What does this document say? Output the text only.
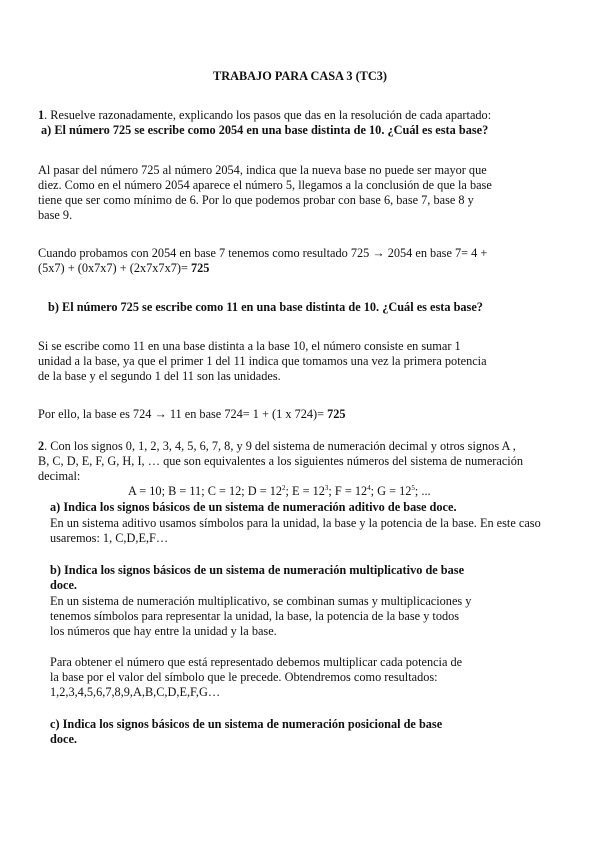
TRABAJO PARA CASA 3 (TC3)
1. Resuelve razonadamente, explicando los pasos que das en la resolución de cada apartado:
a) El número 725 se escribe como 2054 en una base distinta de 10. ¿Cuál es esta base?
Al pasar del número 725 al número 2054, indica que la nueva base no puede ser mayor que
diez. Como en el número 2054 aparece el número 5, llegamos a la conclusión de que la base
tiene que ser como mínimo de 6. Por lo que podemos probar con base 6, base 7, base 8 y
base 9.
Cuando probamos con 2054 en base 7 tenemos como resultado 725 → 2054 en base 7= 4 +
(5x7) + (0x7x7) + (2x7x7x7)= 725
b) El número 725 se escribe como 11 en una base distinta de 10. ¿Cuál es esta base?
Si se escribe como 11 en una base distinta a la base 10, el número consiste en sumar 1
unidad a la base, ya que el primer 1 del 11 indica que tomamos una vez la primera potencia
de la base y el segundo 1 del 11 son las unidades.
Por ello, la base es 724 → 11 en base 724= 1 + (1 x 724)= 725
2. Con los signos 0, 1, 2, 3, 4, 5, 6, 7, 8, y 9 del sistema de numeración decimal y otros signos A ,
B, C, D, E, F, G, H, I, … que son equivalentes a los siguientes números del sistema de numeración
decimal:
A = 10; B = 11; C = 12; $D = 12^2$; $E = 12^3$; $F = 12^4$; $G = 12^5$; ...
a) Indica los signos básicos de un sistema de numeración aditivo de base doce.
En un sistema aditivo usamos símbolos para la unidad, la base y la potencia de la base. En este caso
usaremos: 1, C,D,E,F…
b) Indica los signos básicos de un sistema de numeración multiplicativo de base
doce.
En un sistema de numeración multiplicativo, se combinan sumas y multiplicaciones y
tenemos símbolos para representar la unidad, la base, la potencia de la base y todos
los números que hay entre la unidad y la base.
Para obtener el número que está representado debemos multiplicar cada potencia de
la base por el valor del símbolo que le precede. Obtendremos como resultados:
1,2,3,4,5,6,7,8,9,A,B,C,D,E,F,G…
c) Indica los signos básicos de un sistema de numeración posicional de base
doce.
